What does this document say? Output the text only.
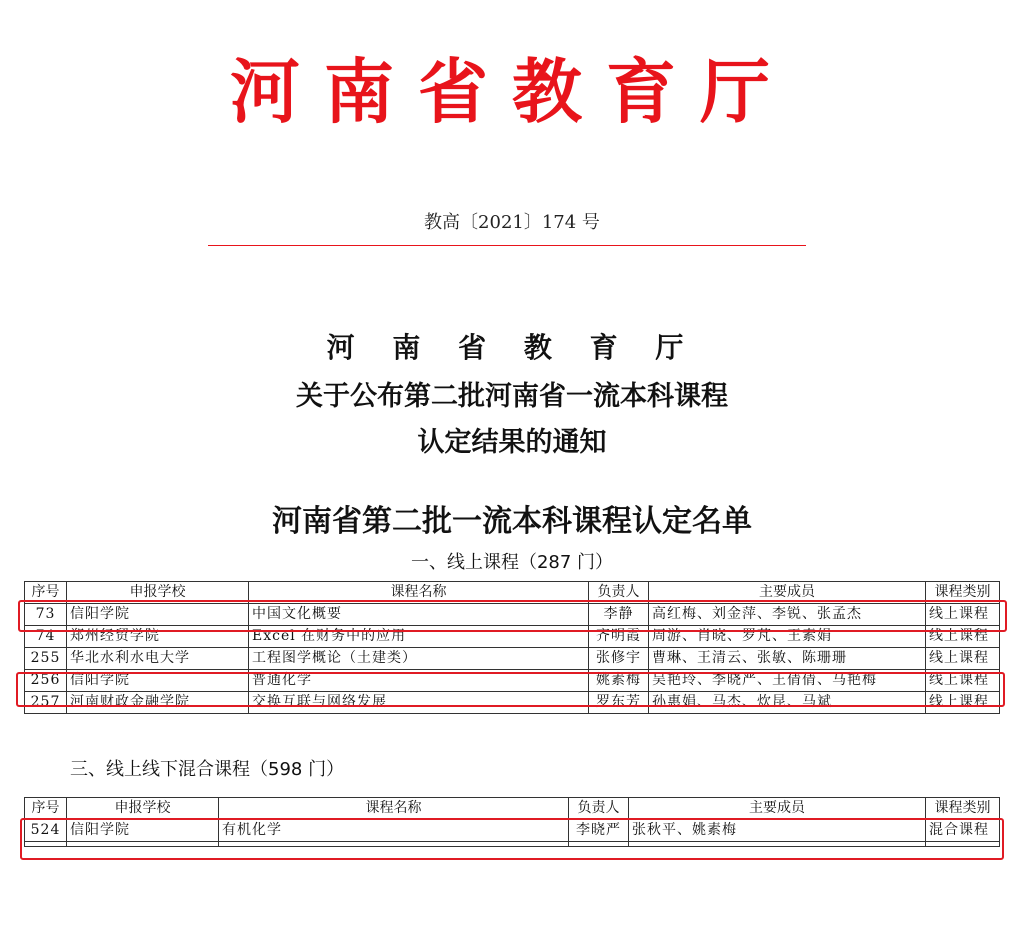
河南省教育厅
教高〔2021〕174 号
河 南 省 教 育 厅
关于公布第二批河南省一流本科课程
认定结果的通知
河南省第二批一流本科课程认定名单
一、线上课程（287 门）
序号	申报学校	课程名称	负责人	主要成员	课程类别
73	信阳学院	中国文化概要	李静	高红梅、刘金萍、李锐、张孟杰	线上课程
74	郑州经贸学院	Excel 在财务中的应用	齐明霞	周游、肖晓、罗芃、王素娟	线上课程
255	华北水利水电大学	工程图学概论（土建类）	张修宇	曹琳、王清云、张敏、陈珊珊	线上课程
256	信阳学院	普通化学	姚素梅	吴艳玲、李晓严、王倩倩、马艳梅	线上课程
257	河南财政金融学院	交换互联与网络发展	罗东芳	孙惠娟、马杰、炊昆、马斌	线上课程
三、线上线下混合课程（598 门）
序号	申报学校	课程名称	负责人	主要成员	课程类别
524	信阳学院	有机化学	李晓严	张秋平、姚素梅	混合课程
